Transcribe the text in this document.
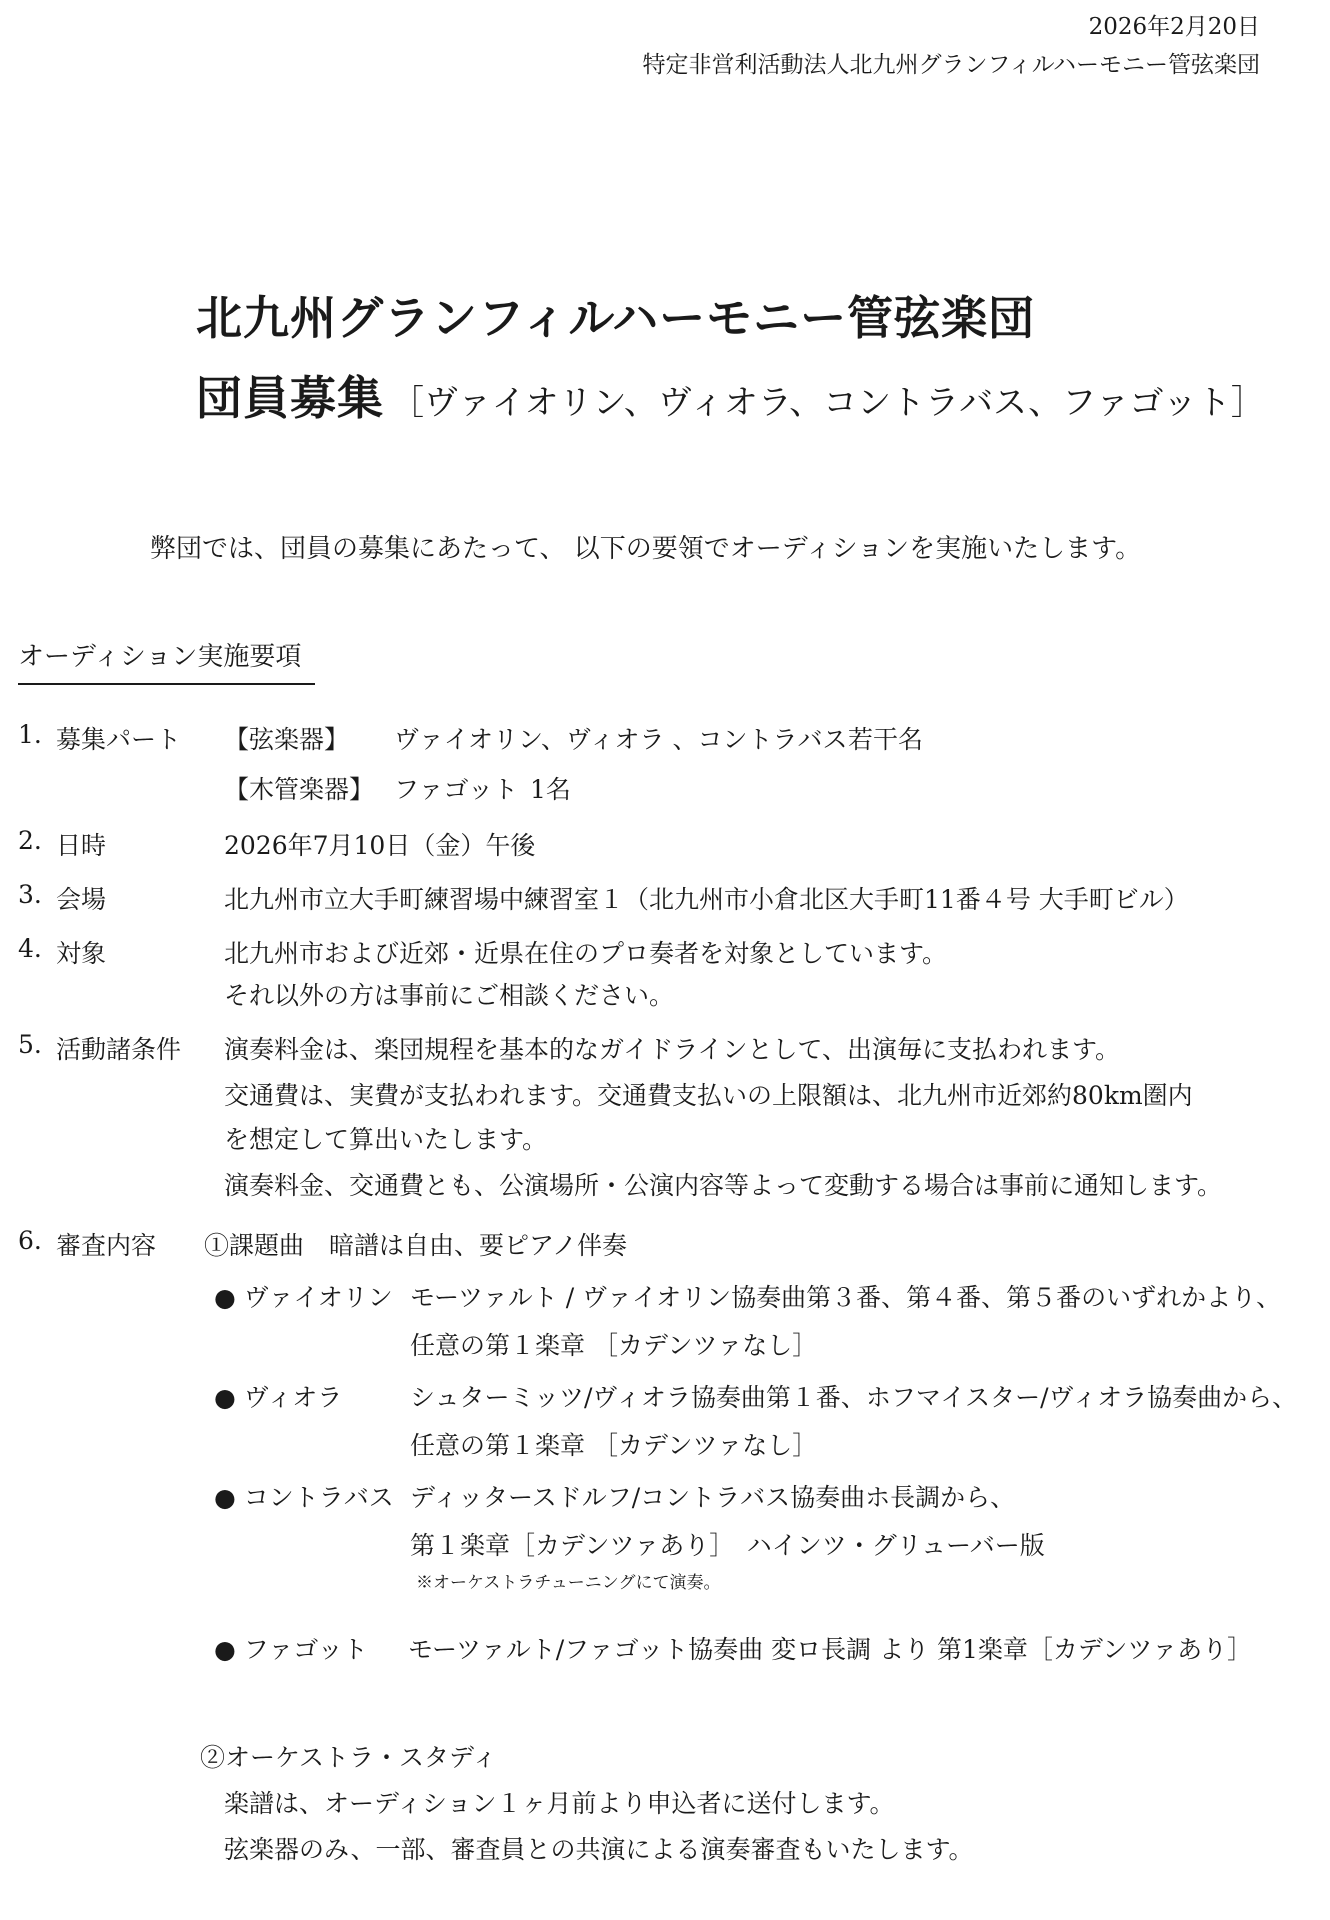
2026年2月20日
特定非営利活動法人北九州グランフィルハーモニー管弦楽団
北九州グランフィルハーモニー管弦楽団
団員募集 ［ヴァイオリン、ヴィオラ、コントラバス、ファゴット］
弊団では、団員の募集にあたって、 以下の要領でオーディションを実施いたします。
オーディション実施要項
1. 募集パート 【弦楽器】 ヴァイオリン、ヴィオラ 、コントラバス 若干名
【木管楽器】 ファゴット 1名
2. 日時	2026年7月10日（金）午後
3. 会場	北九州市立大手町練習場中練習室１（北九州市小倉北区大手町11番４号 大手町ビル）
4. 対象	北九州市および近郊・近県在住のプロ奏者を対象としています。
それ以外の方は事前にご相談ください。
5. 活動諸条件 演奏料金は、楽団規程を基本的なガイドラインとして、出演毎に支払われます。
交通費は、実費が支払われます。交通費支払いの上限額は、北九州市近郊約80km圏内
を想定して算出いたします。
演奏料金、交通費とも、公演場所・公演内容等よって変動する場合は事前に通知します。
6. 審査内容 ①課題曲　暗譜は自由、要ピアノ伴奏
● ヴァイオリン モーツァルト / ヴァイオリン協奏曲第３番、第４番、第５番のいずれかより、
任意の第１楽章 ［カデンツァなし］
● ヴィオラ	シュターミッツ/ヴィオラ協奏曲第１番、ホフマイスター/ヴィオラ協奏曲から、
任意の第１楽章 ［カデンツァなし］
● コントラバス ディッタースドルフ/コントラバス協奏曲ホ長調から、
第１楽章［カデンツァあり］　ハインツ・グリューバー版
※オーケストラチューニングにて演奏。
● ファゴット モーツァルト/ファゴット協奏曲 変ロ長調 より 第1楽章［カデンツァあり］
②オーケストラ・スタディ
楽譜は、オーディション１ヶ月前より申込者に送付します。
弦楽器のみ、一部、審査員との共演による演奏審査もいたします。
